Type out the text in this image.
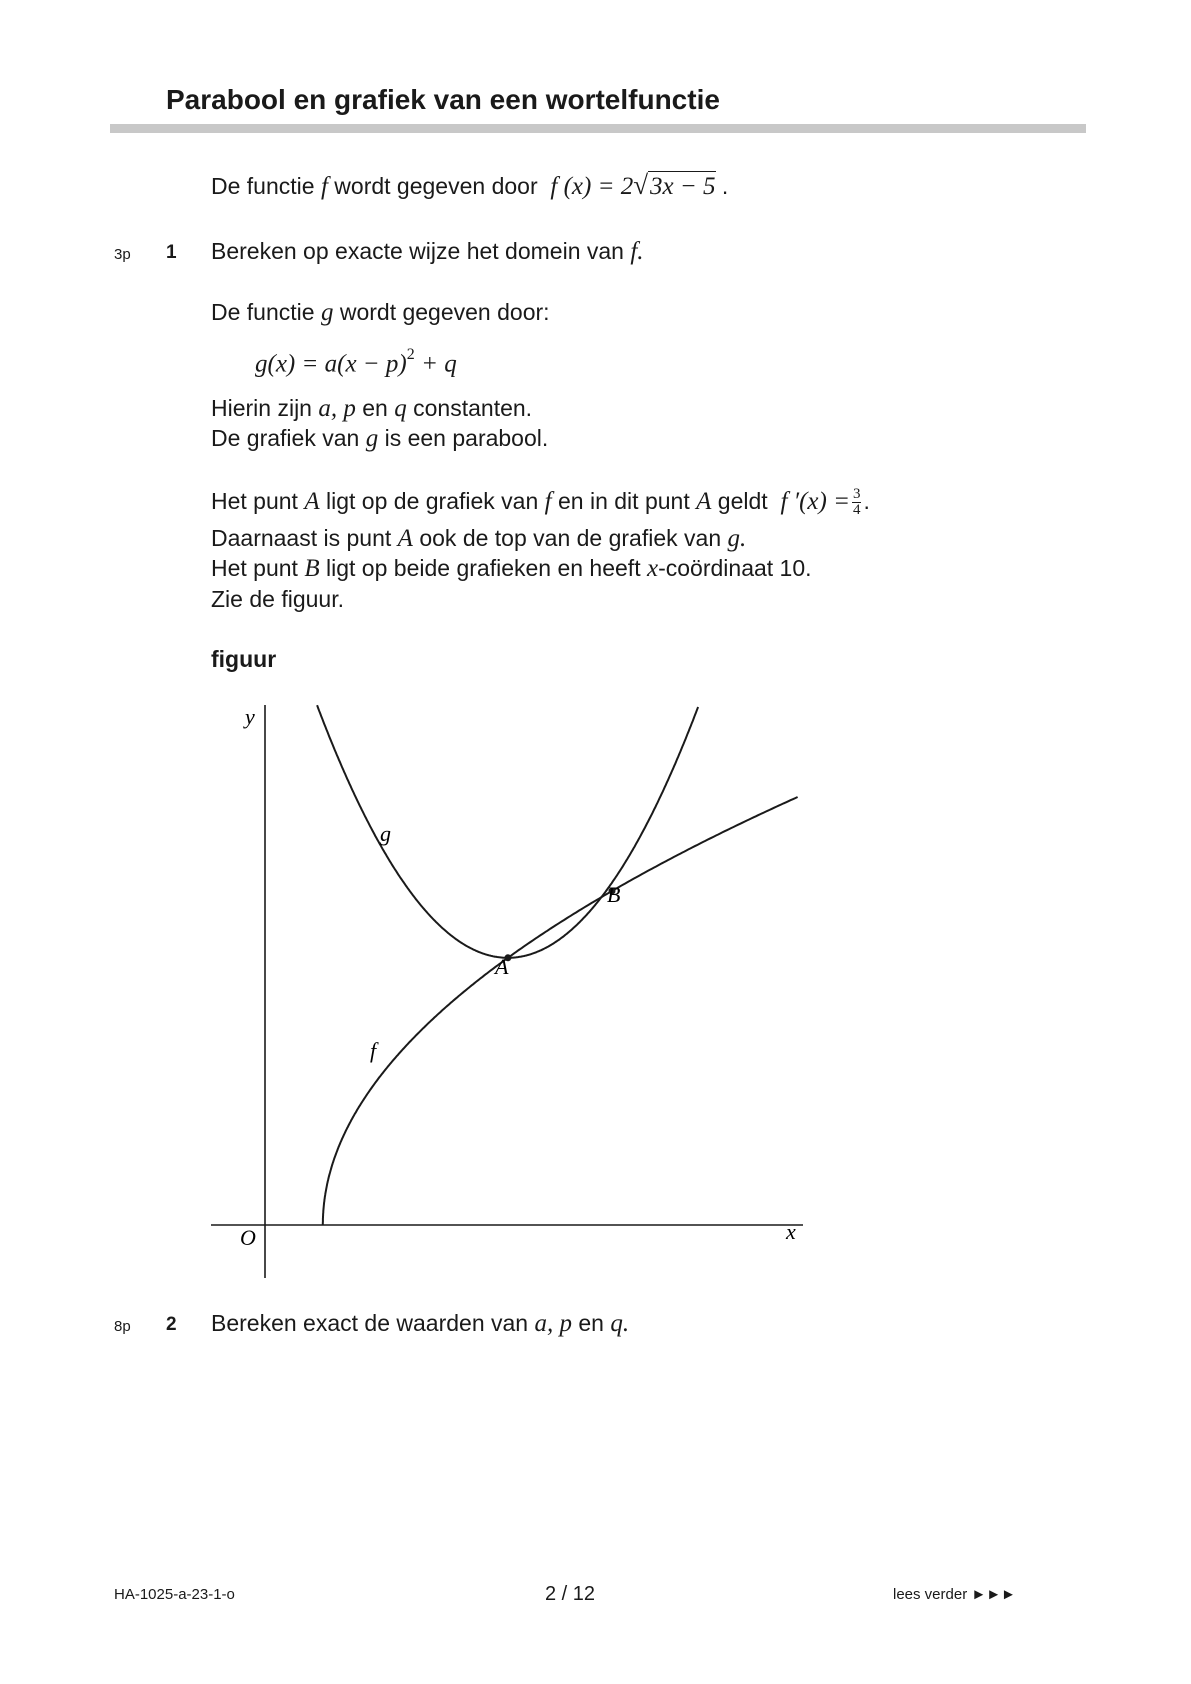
Parabool en grafiek van een wortelfunctie
De functie f wordt gegeven door f (x) = 2√3x − 5 .
3p 1 Bereken op exacte wijze het domein van f.
De functie g wordt gegeven door:
$g(x) = a(x - p)^2 + q$
Hierin zijn a, p en q constanten.
De grafiek van g is een parabool.
Het punt A ligt op de grafiek van f en in dit punt A geldt f $'(x) = \frac{3}{4}$ .
Daarnaast is punt A ook de top van de grafiek van g.
Het punt B ligt op beide grafieken en heeft x-coördinaat 10.
Zie de figuur.
figuur
y
x
O
g
f
A
B
8p 2 Bereken exact de waarden van a, p en q.
HA-1025-a-23-1-o	2 / 12	lees verder ►►►
